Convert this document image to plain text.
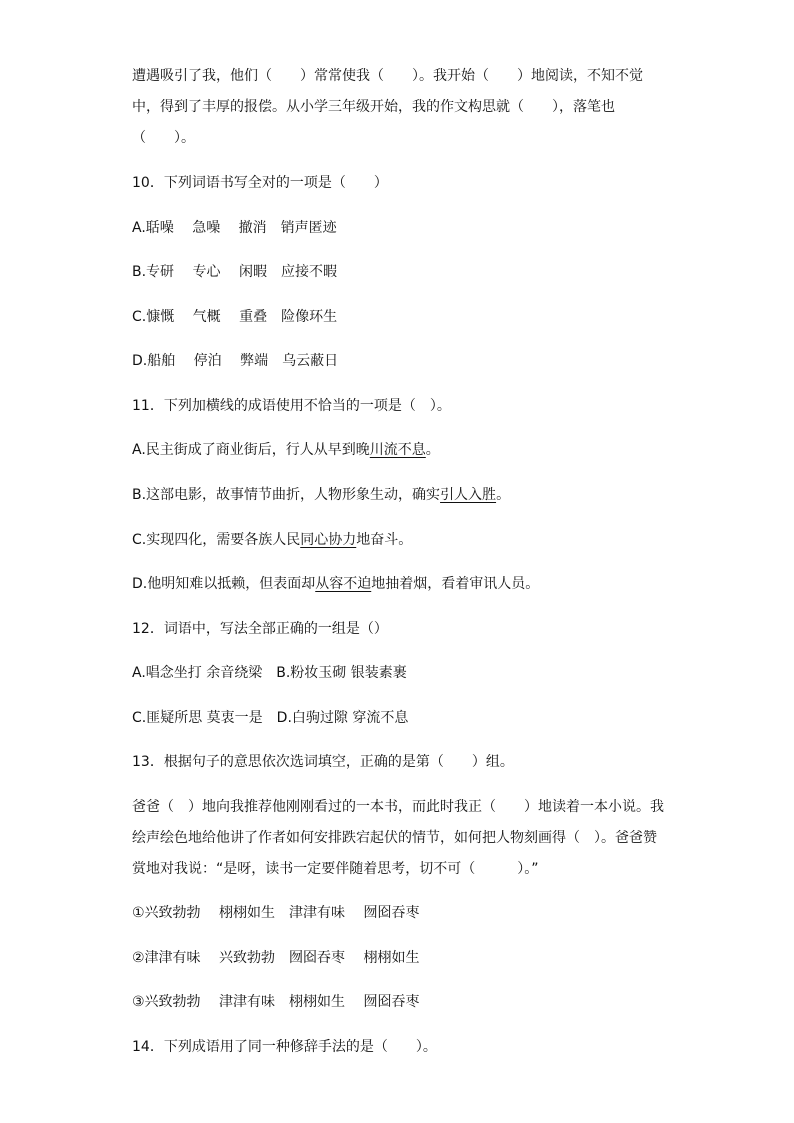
遭遇吸引了我，他们（　　）常常使我（　　）。我开始（　　）地阅读，不知不觉
中，得到了丰厚的报偿。从小学三年级开始，我的作文构思就（　　），落笔也
（　　）。
10．下列词语书写全对的一项是（　　）
A.聒噪　 急噪　 撤消　销声匿迹
B.专研　 专心　 闲暇　应接不暇
C.慷慨　 气概　 重叠　险像环生
D.船舶　 停泊　 弊端　乌云蔽日
11．下列加横线的成语使用不恰当的一项是（　）。
A.民主街成了商业街后，行人从早到晚川流不息。
B.这部电影，故事情节曲折，人物形象生动，确实引人入胜。
C.实现四化，需要各族人民同心协力地奋斗。
D.他明知难以抵赖，但表面却从容不迫地抽着烟，看着审讯人员。
12．词语中，写法全部正确的一组是（）
A.唱念坐打 余音绕梁　B.粉妆玉砌 银装素裹
C.匪疑所思 莫衷一是　D.白驹过隙 穿流不息
13．根据句子的意思依次选词填空，正确的是第（　　）组。
爸爸（　）地向我推荐他刚刚看过的一本书，而此时我正（　　）地读着一本小说。我
绘声绘色地给他讲了作者如何安排跌宕起伏的情节，如何把人物刻画得（　）。爸爸赞
赏地对我说：“是呀，读书一定要伴随着思考，切不可（　　　）。”
①兴致勃勃　 栩栩如生　津津有味　 囫囵吞枣
②津津有味　 兴致勃勃　囫囵吞枣　 栩栩如生
③兴致勃勃　 津津有味　栩栩如生　 囫囵吞枣
14．下列成语用了同一种修辞手法的是（　　）。
